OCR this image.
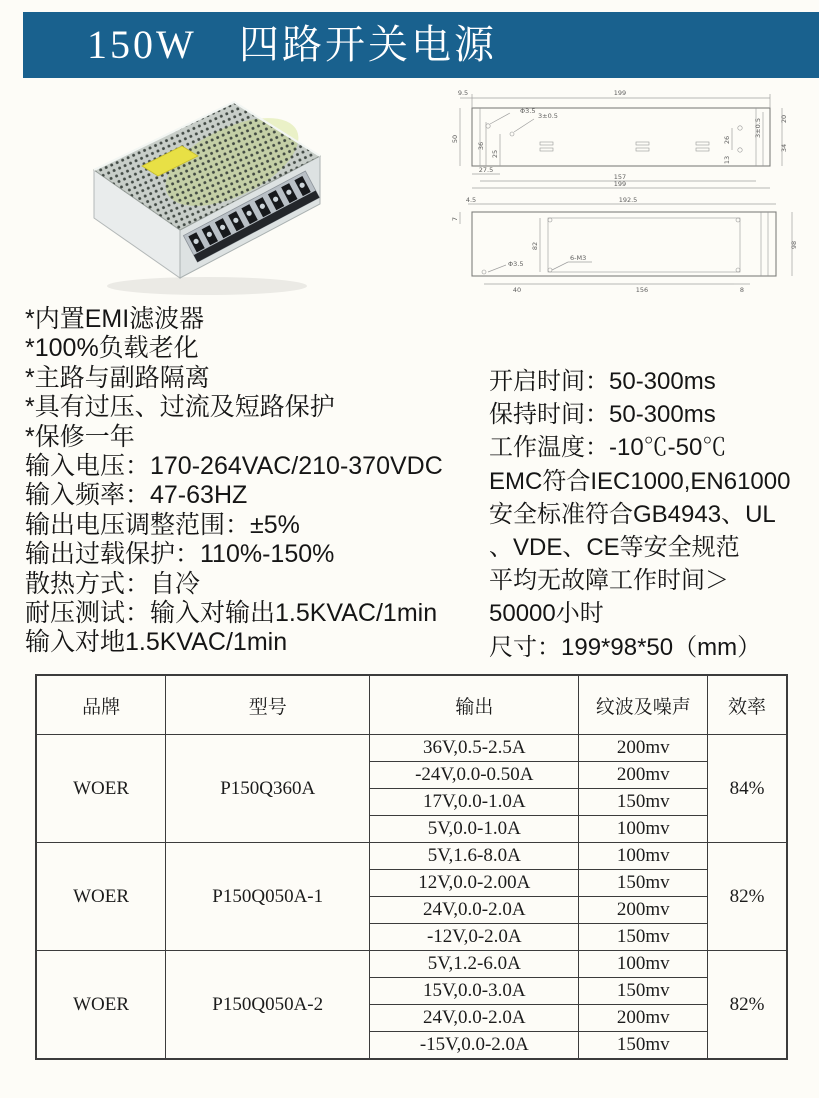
150W　四路开关电源
199
9.5
50
36
25
Φ3.5
3±0.5
26
13
3±0.5	20
34
27.5
157
199
4.5	192.5
7
82	98
Φ3.5
6-M3
40	156	8
*内置EMI滤波器
*100%负载老化
*主路与副路隔离
*具有过压、过流及短路保护
*保修一年
输入电压：170-264VAC/210-370VDC
输入频率：47-63HZ
输出电压调整范围：±5%
输出过载保护：110%-150%
散热方式：自冷
耐压测试：输入对输出1.5KVAC/1min
输入对地1.5KVAC/1min
开启时间：50-300ms
保持时间：50-300ms
工作温度：-10℃-50℃
EMC符合IEC1000,EN61000
安全标准符合GB4943、UL
、VDE、CE等安全规范
平均无故障工作时间＞
50000小时
尺寸：199*98*50（mm）
品牌	型号	输出	纹波及噪声	效率
WOER	P150Q360A	36V,0.5-2.5A	200mv	84%
		-24V,0.0-0.50A	200mv	
		17V,0.0-1.0A	150mv	
		5V,0.0-1.0A	100mv	
WOER	P150Q050A-1	5V,1.6-8.0A	100mv	82%
		12V,0.0-2.00A	150mv	
		24V,0.0-2.0A	200mv	
		-12V,0-2.0A	150mv	
WOER	P150Q050A-2	5V,1.2-6.0A	100mv	82%
		15V,0.0-3.0A	150mv	
		24V,0.0-2.0A	200mv	
		-15V,0.0-2.0A	150mv	
